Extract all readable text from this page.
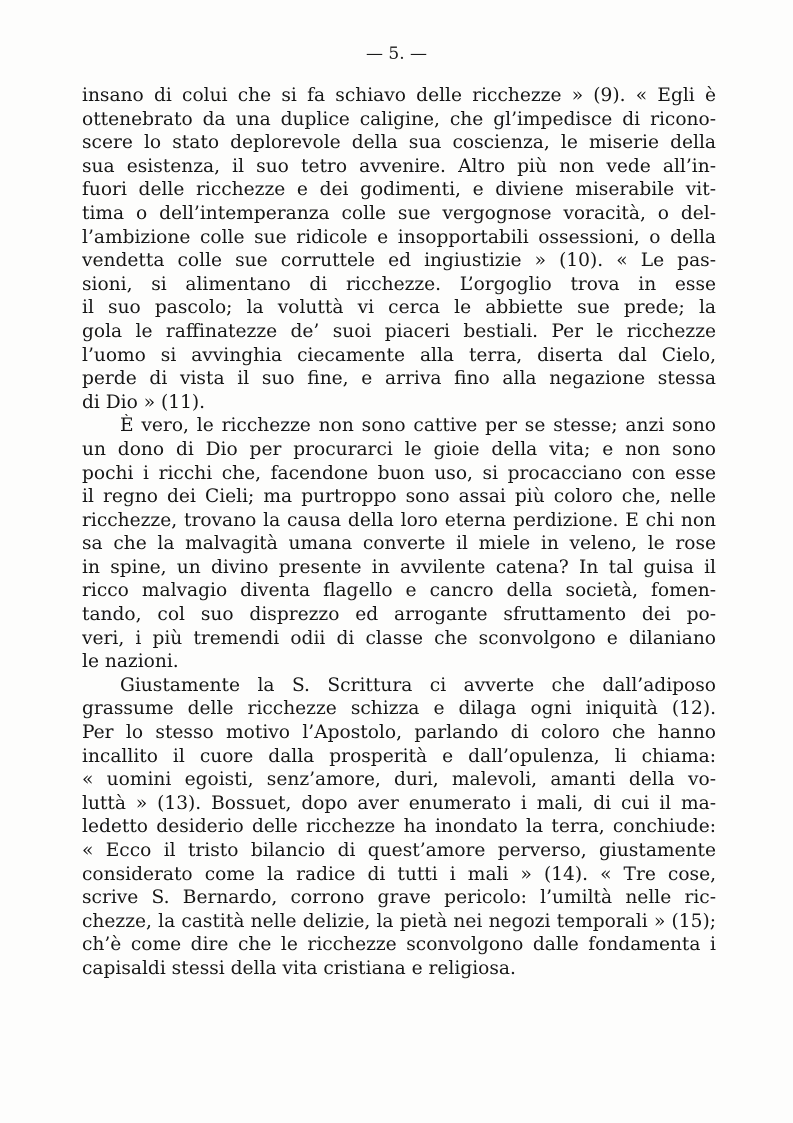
— 5. —
insano di colui che si fa schiavo delle ricchezze » (9). « Egli è
ottenebrato da una duplice caligine, che gl’impedisce di ricono-
scere lo stato deplorevole della sua coscienza, le miserie della
sua esistenza, il suo tetro avvenire. Altro più non vede all’in-
fuori delle ricchezze e dei godimenti, e diviene miserabile vit-
tima o dell’intemperanza colle sue vergognose voracità, o del-
l’ambizione colle sue ridicole e insopportabili ossessioni, o della
vendetta colle sue corruttele ed ingiustizie » (10). « Le pas-
sioni, si alimentano di ricchezze. L’orgoglio trova in esse
il suo pascolo; la voluttà vi cerca le abbiette sue prede; la
gola le raffinatezze de’ suoi piaceri bestiali. Per le ricchezze
l’uomo si avvinghia ciecamente alla terra, diserta dal Cielo,
perde di vista il suo fine, e arriva fino alla negazione stessa
di Dio » (11).
È vero, le ricchezze non sono cattive per se stesse; anzi sono
un dono di Dio per procurarci le gioie della vita; e non sono
pochi i ricchi che, facendone buon uso, si procacciano con esse
il regno dei Cieli; ma purtroppo sono assai più coloro che, nelle
ricchezze, trovano la causa della loro eterna perdizione. E chi non
sa che la malvagità umana converte il miele in veleno, le rose
in spine, un divino presente in avvilente catena? In tal guisa il
ricco malvagio diventa flagello e cancro della società, fomen-
tando, col suo disprezzo ed arrogante sfruttamento dei po-
veri, i più tremendi odii di classe che sconvolgono e dilaniano
le nazioni.
Giustamente la S. Scrittura ci avverte che dall’adiposo
grassume delle ricchezze schizza e dilaga ogni iniquità (12).
Per lo stesso motivo l’Apostolo, parlando di coloro che hanno
incallito il cuore dalla prosperità e dall’opulenza, li chiama:
« uomini egoisti, senz’amore, duri, malevoli, amanti della vo-
luttà » (13). Bossuet, dopo aver enumerato i mali, di cui il ma-
ledetto desiderio delle ricchezze ha inondato la terra, conchiude:
« Ecco il tristo bilancio di quest’amore perverso, giustamente
considerato come la radice di tutti i mali » (14). « Tre cose,
scrive S. Bernardo, corrono grave pericolo: l’umiltà nelle ric-
chezze, la castità nelle delizie, la pietà nei negozi temporali » (15);
ch’è come dire che le ricchezze sconvolgono dalle fondamenta i
capisaldi stessi della vita cristiana e religiosa.
